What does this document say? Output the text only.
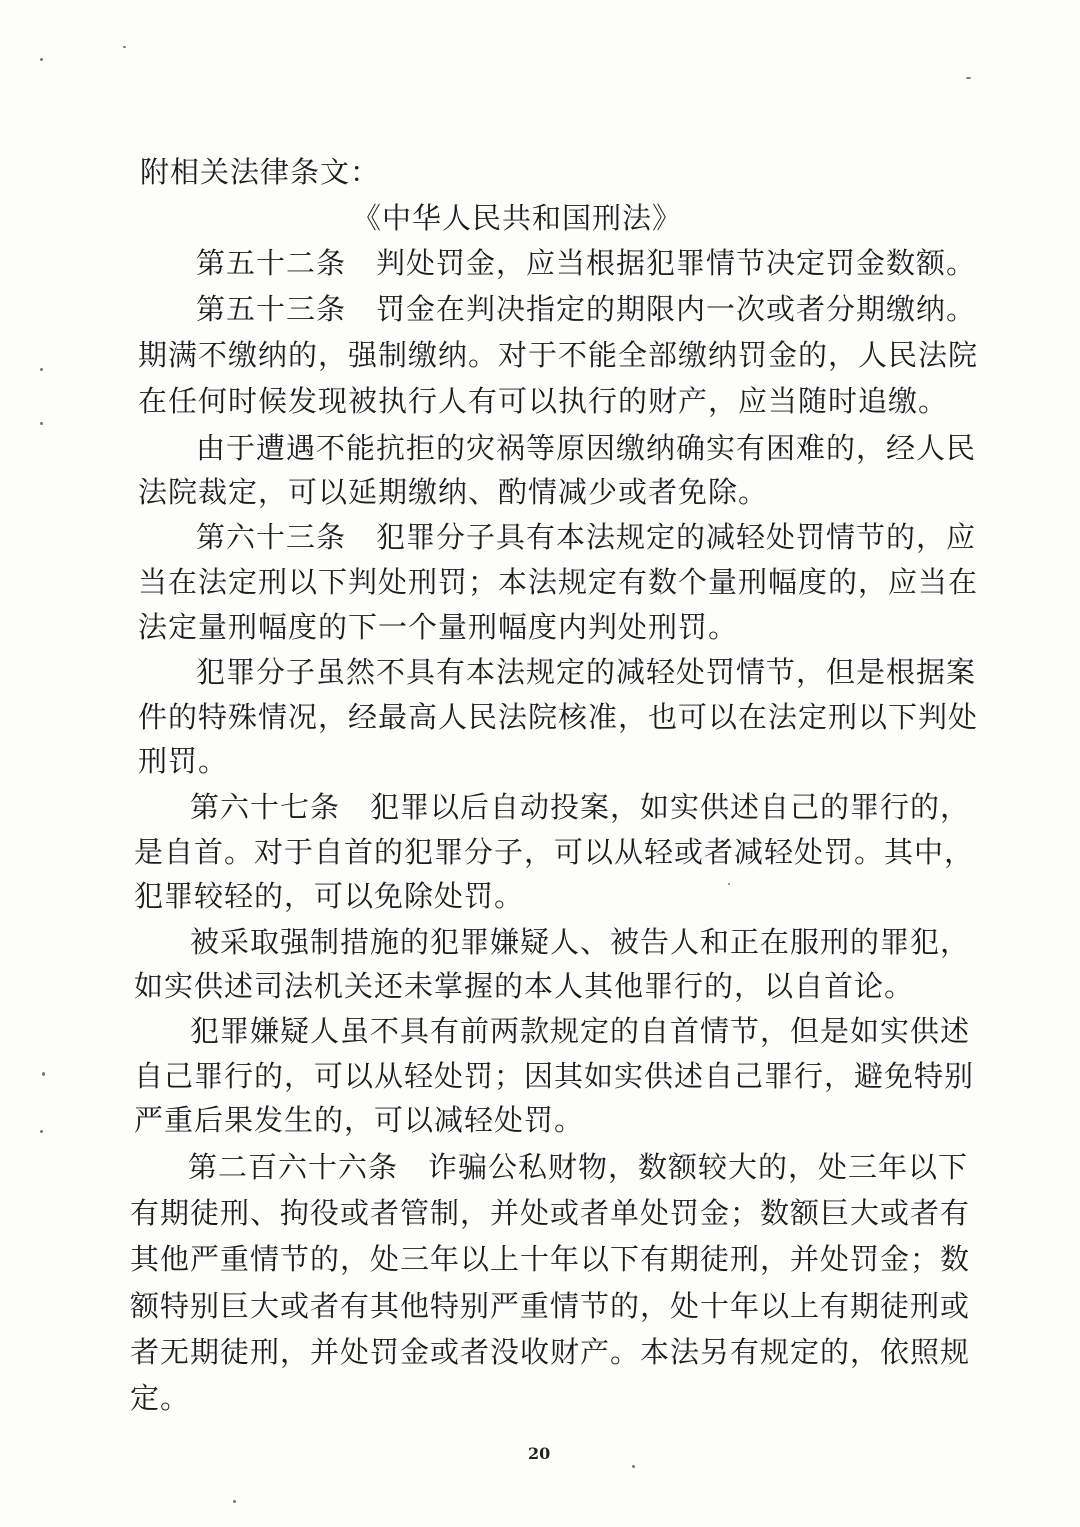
附相关法律条文：
《中华人民共和国刑法》
第五十二条　判处罚金，应当根据犯罪情节决定罚金数额。
第五十三条　罚金在判决指定的期限内一次或者分期缴纳。
期满不缴纳的，强制缴纳。对于不能全部缴纳罚金的，人民法院
在任何时候发现被执行人有可以执行的财产，应当随时追缴。
由于遭遇不能抗拒的灾祸等原因缴纳确实有困难的，经人民
法院裁定，可以延期缴纳、酌情减少或者免除。
第六十三条　犯罪分子具有本法规定的减轻处罚情节的，应
当在法定刑以下判处刑罚；本法规定有数个量刑幅度的，应当在
法定量刑幅度的下一个量刑幅度内判处刑罚。
犯罪分子虽然不具有本法规定的减轻处罚情节，但是根据案
件的特殊情况，经最高人民法院核准，也可以在法定刑以下判处
刑罚。
第六十七条　犯罪以后自动投案，如实供述自己的罪行的，
是自首。对于自首的犯罪分子，可以从轻或者减轻处罚。其中，
犯罪较轻的，可以免除处罚。
被采取强制措施的犯罪嫌疑人、被告人和正在服刑的罪犯，
如实供述司法机关还未掌握的本人其他罪行的，以自首论。
犯罪嫌疑人虽不具有前两款规定的自首情节，但是如实供述
自己罪行的，可以从轻处罚；因其如实供述自己罪行，避免特别
严重后果发生的，可以减轻处罚。
第二百六十六条　诈骗公私财物，数额较大的，处三年以下
有期徒刑、拘役或者管制，并处或者单处罚金；数额巨大或者有
其他严重情节的，处三年以上十年以下有期徒刑，并处罚金；数
额特别巨大或者有其他特别严重情节的，处十年以上有期徒刑或
者无期徒刑，并处罚金或者没收财产。本法另有规定的，依照规
定。
20
